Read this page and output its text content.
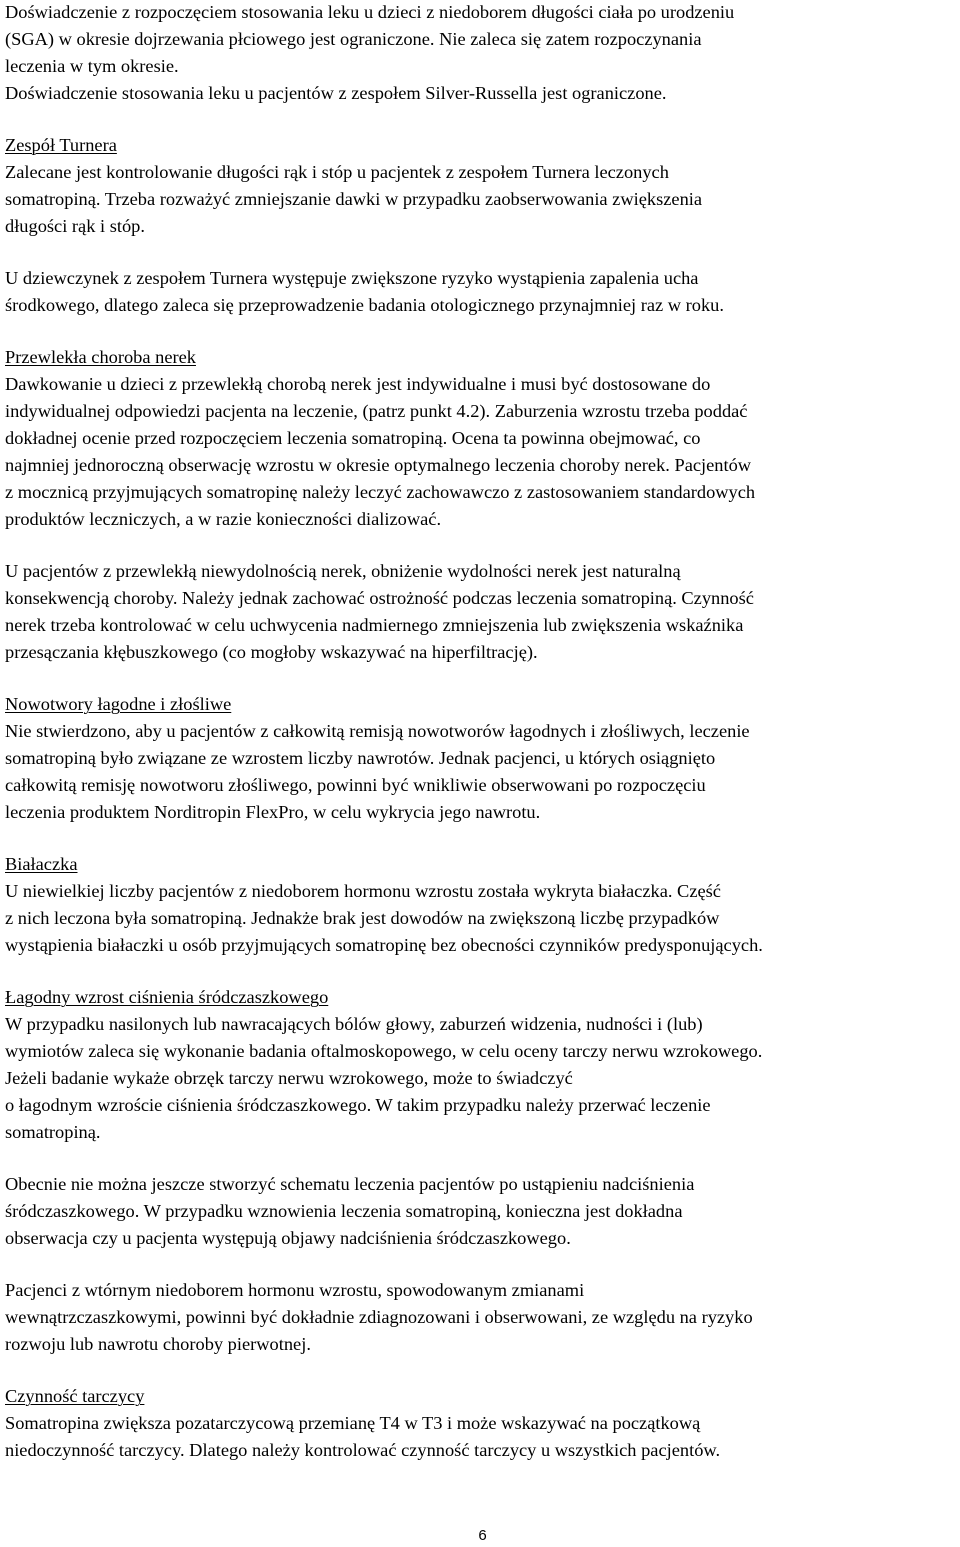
Doświadczenie z rozpoczęciem stosowania leku u dzieci z niedoborem długości ciała po urodzeniu
(SGA) w okresie dojrzewania płciowego jest ograniczone. Nie zaleca się zatem rozpoczynania
leczenia w tym okresie.
Doświadczenie stosowania leku u pacjentów z zespołem Silver-Russella jest ograniczone.
Zespół Turnera
Zalecane jest kontrolowanie długości rąk i stóp u pacjentek z zespołem Turnera leczonych
somatropiną. Trzeba rozważyć zmniejszanie dawki w przypadku zaobserwowania zwiększenia
długości rąk i stóp.
U dziewczynek z zespołem Turnera występuje zwiększone ryzyko wystąpienia zapalenia ucha
środkowego, dlatego zaleca się przeprowadzenie badania otologicznego przynajmniej raz w roku.
Przewlekła choroba nerek
Dawkowanie u dzieci z przewlekłą chorobą nerek jest indywidualne i musi być dostosowane do
indywidualnej odpowiedzi pacjenta na leczenie, (patrz punkt 4.2). Zaburzenia wzrostu trzeba poddać
dokładnej ocenie przed rozpoczęciem leczenia somatropiną. Ocena ta powinna obejmować, co
najmniej jednoroczną obserwację wzrostu w okresie optymalnego leczenia choroby nerek. Pacjentów
z mocznicą przyjmujących somatropinę należy leczyć zachowawczo z zastosowaniem standardowych
produktów leczniczych, a w razie konieczności dializować.
U pacjentów z przewlekłą niewydolnością nerek, obniżenie wydolności nerek jest naturalną
konsekwencją choroby. Należy jednak zachować ostrożność podczas leczenia somatropiną. Czynność
nerek trzeba kontrolować w celu uchwycenia nadmiernego zmniejszenia lub zwiększenia wskaźnika
przesączania kłębuszkowego (co mogłoby wskazywać na hiperfiltrację).
Nowotwory łagodne i złośliwe
Nie stwierdzono, aby u pacjentów z całkowitą remisją nowotworów łagodnych i złośliwych, leczenie
somatropiną było związane ze wzrostem liczby nawrotów. Jednak pacjenci, u których osiągnięto
całkowitą remisję nowotworu złośliwego, powinni być wnikliwie obserwowani po rozpoczęciu
leczenia produktem Norditropin FlexPro, w celu wykrycia jego nawrotu.
Białaczka
U niewielkiej liczby pacjentów z niedoborem hormonu wzrostu została wykryta białaczka. Część
z nich leczona była somatropiną. Jednakże brak jest dowodów na zwiększoną liczbę przypadków
wystąpienia białaczki u osób przyjmujących somatropinę bez obecności czynników predysponujących.
Łagodny wzrost ciśnienia śródczaszkowego
W przypadku nasilonych lub nawracających bólów głowy, zaburzeń widzenia, nudności i (lub)
wymiotów zaleca się wykonanie badania oftalmoskopowego, w celu oceny tarczy nerwu wzrokowego.
Jeżeli badanie wykaże obrzęk tarczy nerwu wzrokowego, może to świadczyć
o łagodnym wzroście ciśnienia śródczaszkowego. W takim przypadku należy przerwać leczenie
somatropiną.
Obecnie nie można jeszcze stworzyć schematu leczenia pacjentów po ustąpieniu nadciśnienia
śródczaszkowego. W przypadku wznowienia leczenia somatropiną, konieczna jest dokładna
obserwacja czy u pacjenta występują objawy nadciśnienia śródczaszkowego.
Pacjenci z wtórnym niedoborem hormonu wzrostu, spowodowanym zmianami
wewnątrzczaszkowymi, powinni być dokładnie zdiagnozowani i obserwowani, ze względu na ryzyko
rozwoju lub nawrotu choroby pierwotnej.
Czynność tarczycy
Somatropina zwiększa pozatarczycową przemianę T4 w T3 i może wskazywać na początkową
niedoczynność tarczycy. Dlatego należy kontrolować czynność tarczycy u wszystkich pacjentów.
6
